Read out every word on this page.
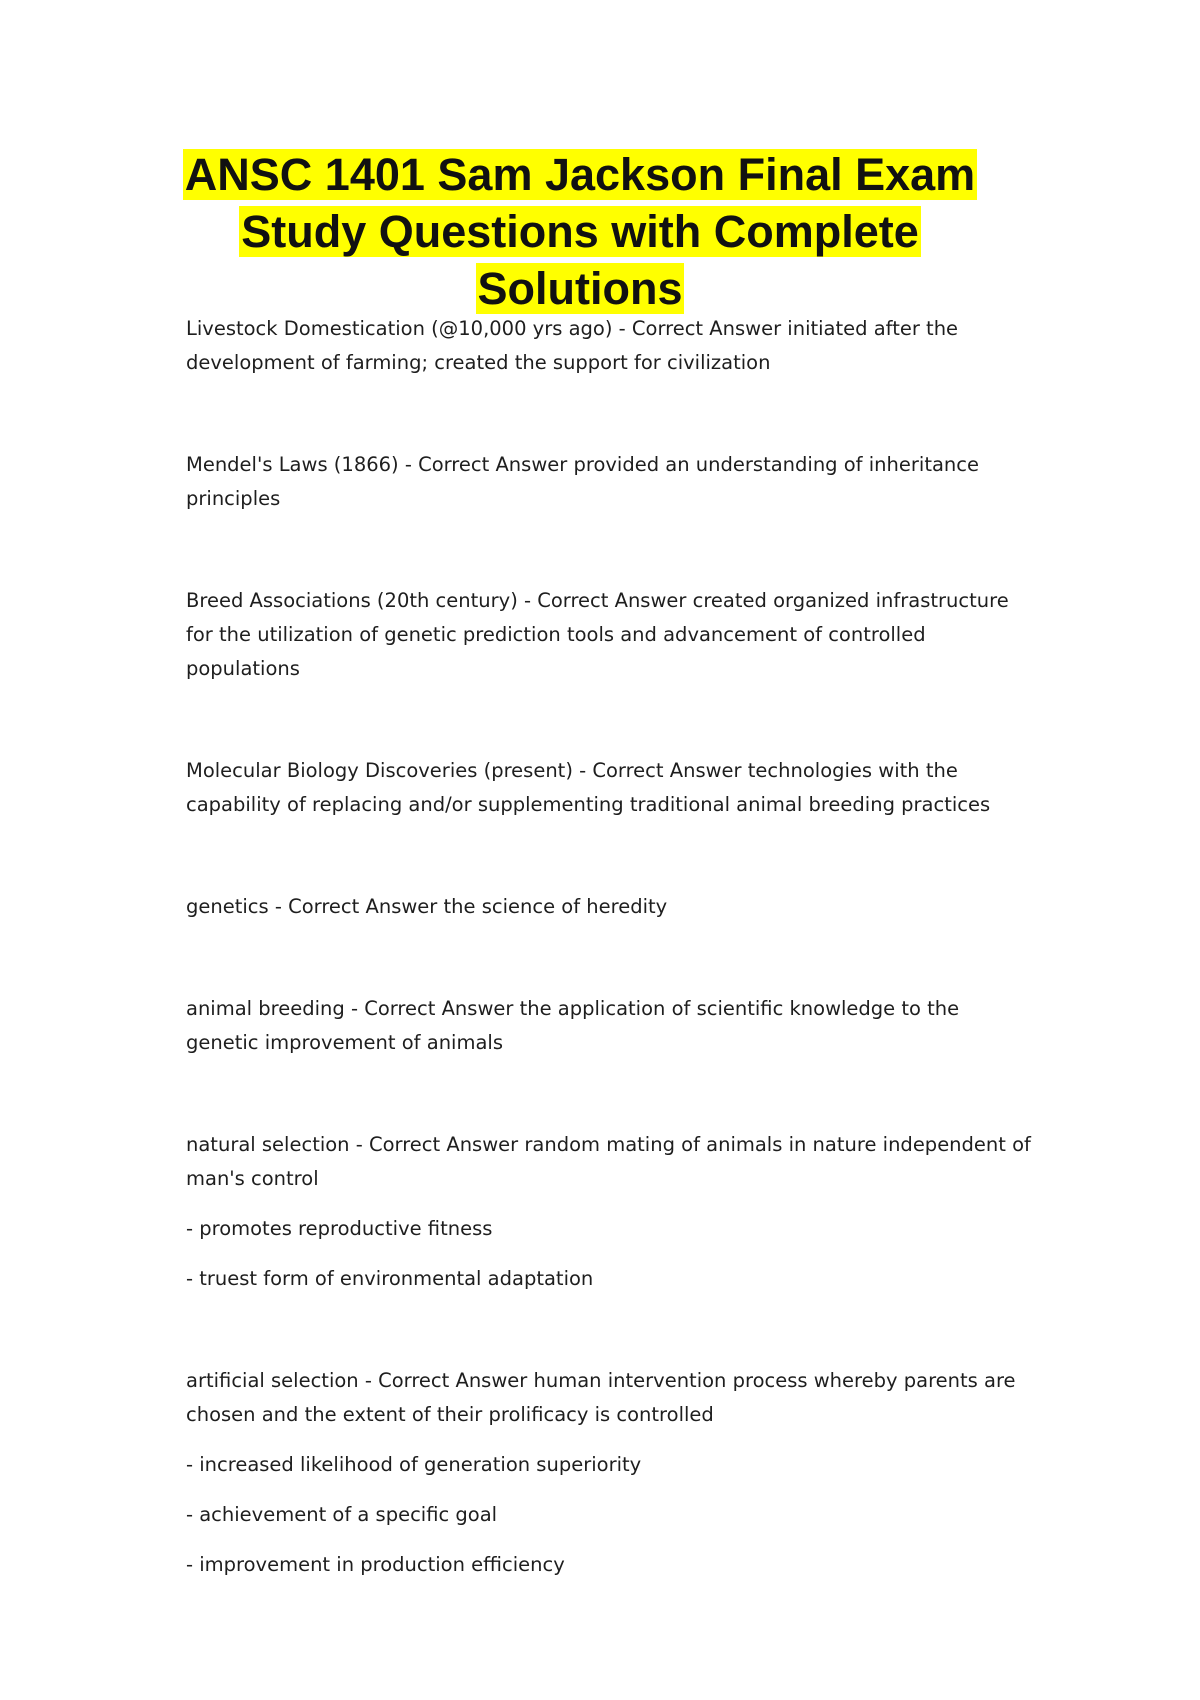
ANSC 1401 Sam Jackson Final Exam
Study Questions with Complete
Solutions

Livestock Domestication (@10,000 yrs ago) - Correct Answer initiated after the development of farming; created the support for civilization

Mendel's Laws (1866) - Correct Answer provided an understanding of inheritance principles

Breed Associations (20th century) - Correct Answer created organized infrastructure for the utilization of genetic prediction tools and advancement of controlled populations

Molecular Biology Discoveries (present) - Correct Answer technologies with the capability of replacing and/or supplementing traditional animal breeding practices

genetics - Correct Answer the science of heredity

animal breeding - Correct Answer the application of scientific knowledge to the genetic improvement of animals

natural selection - Correct Answer random mating of animals in nature independent of man's control

- promotes reproductive fitness

- truest form of environmental adaptation

artificial selection - Correct Answer human intervention process whereby parents are chosen and the extent of their prolificacy is controlled

- increased likelihood of generation superiority

- achievement of a specific goal

- improvement in production efficiency
